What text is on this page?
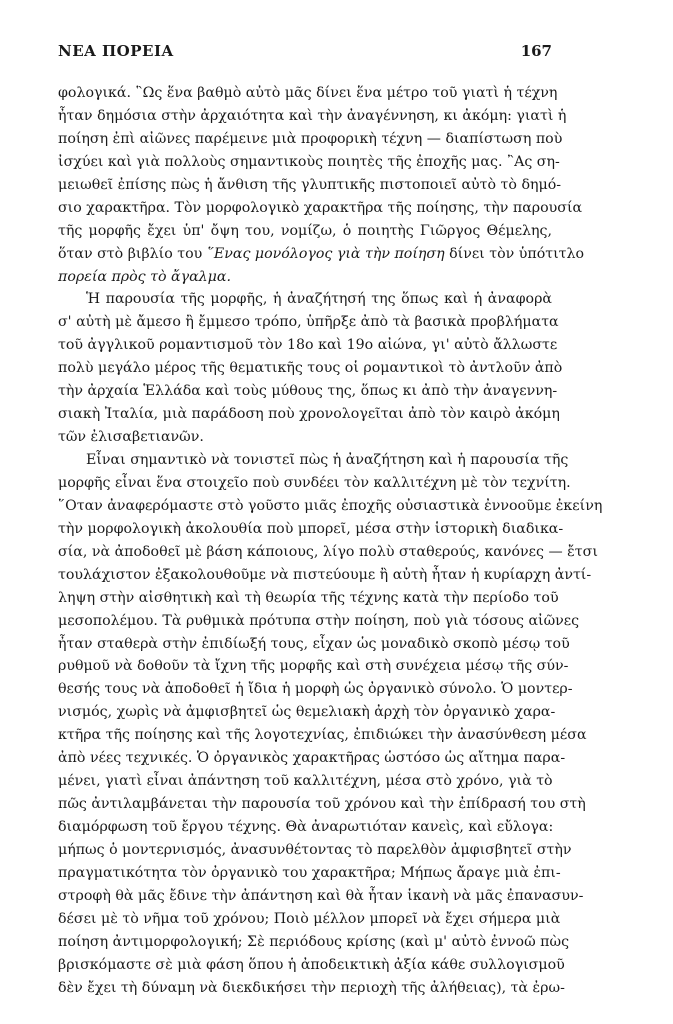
ΝΕΑ ΠΟΡΕΙΑ	167
φολογικά. ῝Ως ἕνα βαθμὸ αὐτὸ μᾶς δίνει ἕνα μέτρο τοῦ γιατὶ ἡ τέχνη
ἦταν δημόσια στὴν ἀρχαιότητα καὶ τὴν ἀναγέννηση, κι ἀκόμη: γιατὶ ἡ
ποίηση ἐπὶ αἰῶνες παρέμεινε μιὰ προφορικὴ τέχνη — διαπίστωση ποὺ
ἰσχύει καὶ γιὰ πολλοὺς σημαντικοὺς ποιητὲς τῆς ἐποχῆς μας. ῍Ας ση-
μειωθεῖ ἐπίσης πὼς ἡ ἄνθιση τῆς γλυπτικῆς πιστοποιεῖ αὐτὸ τὸ δημό-
σιο χαρακτῆρα. Τὸν μορφολογικὸ χαρακτῆρα τῆς ποίησης, τὴν παρουσία
τῆς μορφῆς ἔχει ὑπ' ὄψη του, νομίζω, ὁ ποιητὴς Γιῶργος Θέμελης,
ὅταν στὸ βιβλίο του ῞Ενας μονόλογος γιὰ τὴν ποίηση δίνει τὸν ὑπότιτλο
πορεία πρὸς τὸ ἄγαλμα.
Ἡ παρουσία τῆς μορφῆς, ἡ ἀναζήτησή της ὅπως καὶ ἡ ἀναφορὰ
σ' αὐτὴ μὲ ἄμεσο ἢ ἔμμεσο τρόπο, ὑπῆρξε ἀπὸ τὰ βασικὰ προβλήματα
τοῦ ἀγγλικοῦ ρομαντισμοῦ τὸν 18ο καὶ 19ο αἰώνα, γι' αὐτὸ ἄλλωστε
πολὺ μεγάλο μέρος τῆς θεματικῆς τους οἱ ρομαντικοὶ τὸ ἀντλοῦν ἀπὸ
τὴν ἀρχαία Ἑλλάδα καὶ τοὺς μύθους της, ὅπως κι ἀπὸ τὴν ἀναγεννη-
σιακὴ Ἰταλία, μιὰ παράδοση ποὺ χρονολογεῖται ἀπὸ τὸν καιρὸ ἀκόμη
τῶν ἐλισαβετιανῶν.
Εἶναι σημαντικὸ νὰ τονιστεῖ πὼς ἡ ἀναζήτηση καὶ ἡ παρουσία τῆς
μορφῆς εἶναι ἕνα στοιχεῖο ποὺ συνδέει τὸν καλλιτέχνη μὲ τὸν τεχνίτη.
῞Οταν ἀναφερόμαστε στὸ γοῦστο μιᾶς ἐποχῆς οὐσιαστικὰ ἐννοοῦμε ἐκείνη
τὴν μορφολογικὴ ἀκολουθία ποὺ μπορεῖ, μέσα στὴν ἱστορικὴ διαδικα-
σία, νὰ ἀποδοθεῖ μὲ βάση κάποιους, λίγο πολὺ σταθερούς, κανόνες — ἔτσι
τουλάχιστον ἐξακολουθοῦμε νὰ πιστεύουμε ἢ αὐτὴ ἦταν ἡ κυρίαρχη ἀντί-
ληψη στὴν αἰσθητικὴ καὶ τὴ θεωρία τῆς τέχνης κατὰ τὴν περίοδο τοῦ
μεσοπολέμου. Τὰ ρυθμικὰ πρότυπα στὴν ποίηση, ποὺ γιὰ τόσους αἰῶνες
ἦταν σταθερὰ στὴν ἐπιδίωξή τους, εἶχαν ὡς μοναδικὸ σκοπὸ μέσῳ τοῦ
ρυθμοῦ νὰ δοθοῦν τὰ ἴχνη τῆς μορφῆς καὶ στὴ συνέχεια μέσῳ τῆς σύν-
θεσής τους νὰ ἀποδοθεῖ ἡ ἴδια ἡ μορφὴ ὡς ὀργανικὸ σύνολο. Ὁ μοντερ-
νισμός, χωρὶς νὰ ἀμφισβητεῖ ὡς θεμελιακὴ ἀρχὴ τὸν ὀργανικὸ χαρα-
κτῆρα τῆς ποίησης καὶ τῆς λογοτεχνίας, ἐπιδιώκει τὴν ἀνασύνθεση μέσα
ἀπὸ νέες τεχνικές. Ὁ ὀργανικὸς χαρακτῆρας ὡστόσο ὡς αἴτημα παρα-
μένει, γιατὶ εἶναι ἀπάντηση τοῦ καλλιτέχνη, μέσα στὸ χρόνο, γιὰ τὸ
πῶς ἀντιλαμβάνεται τὴν παρουσία τοῦ χρόνου καὶ τὴν ἐπίδρασή του στὴ
διαμόρφωση τοῦ ἔργου τέχνης. Θὰ ἀναρωτιόταν κανεὶς, καὶ εὔλογα:
μήπως ὁ μοντερνισμός, ἀνασυνθέτοντας τὸ παρελθὸν ἀμφισβητεῖ στὴν
πραγματικότητα τὸν ὀργανικὸ του χαρακτῆρα; Μήπως ἄραγε μιὰ ἐπι-
στροφὴ θὰ μᾶς ἔδινε τὴν ἀπάντηση καὶ θὰ ἦταν ἱκανὴ νὰ μᾶς ἐπανασυν-
δέσει μὲ τὸ νῆμα τοῦ χρόνου; Ποιὸ μέλλον μπορεῖ νὰ ἔχει σήμερα μιὰ
ποίηση ἀντιμορφολογική; Σὲ περιόδους κρίσης (καὶ μ' αὐτὸ ἐννοῶ πὼς
βρισκόμαστε σὲ μιὰ φάση ὅπου ἡ ἀποδεικτικὴ ἀξία κάθε συλλογισμοῦ
δὲν ἔχει τὴ δύναμη νὰ διεκδικήσει τὴν περιοχὴ τῆς ἀλήθειας), τὰ ἐρω-
